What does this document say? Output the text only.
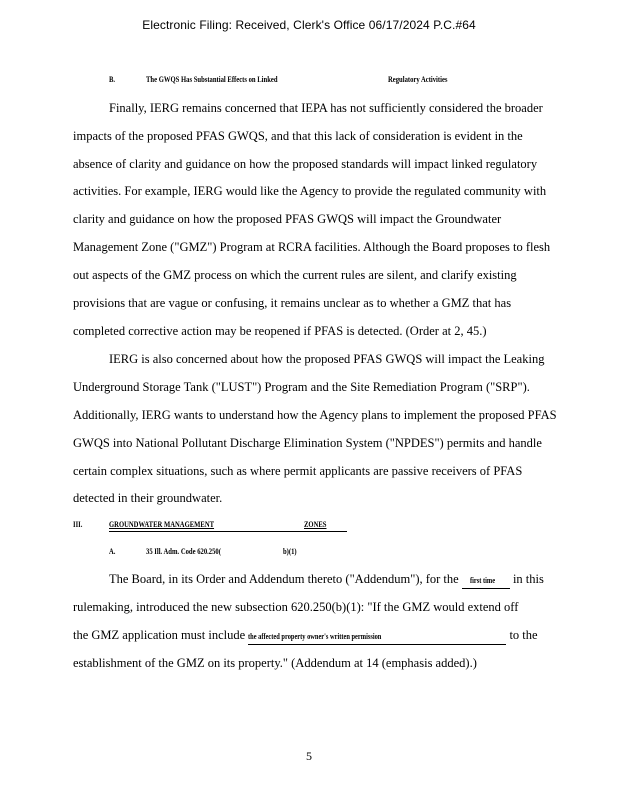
Electronic Filing: Received, Clerk's Office 06/17/2024 P.C.#64
B.	The GWQS Has Substantial Effects on Linked	Regulatory Activities
Finally, IERG remains concerned that IEPA has not sufficiently considered the broader
impacts of the proposed PFAS GWQS, and that this lack of consideration is evident in the
absence of clarity and guidance on how the proposed standards will impact linked regulatory
activities. For example, IERG would like the Agency to provide the regulated community with
clarity and guidance on how the proposed PFAS GWQS will impact the Groundwater
Management Zone ("GMZ") Program at RCRA facilities. Although the Board proposes to flesh
out aspects of the GMZ process on which the current rules are silent, and clarify existing
provisions that are vague or confusing, it remains unclear as to whether a GMZ that has
completed corrective action may be reopened if PFAS is detected. (Order at 2, 45.)
IERG is also concerned about how the proposed PFAS GWQS will impact the Leaking
Underground Storage Tank ("LUST") Program and the Site Remediation Program ("SRP").
Additionally, IERG wants to understand how the Agency plans to implement the proposed PFAS
GWQS into National Pollutant Discharge Elimination System ("NPDES") permits and handle
certain complex situations, such as where permit applicants are passive receivers of PFAS
detected in their groundwater.
III.	GROUNDWATER MANAGEMENT	ZONES
A.	35 Ill. Adm. Code 620.250(	b)(1)
The Board, in its Order and Addendum thereto ("Addendum"), for the first time in this
rulemaking, introduced the new subsection 620.250(b)(1): "If the GMZ would extend off
the GMZ application must include the affected property owner's written permission	to the
establishment of the GMZ on its property." (Addendum at 14 (emphasis added).)
5
